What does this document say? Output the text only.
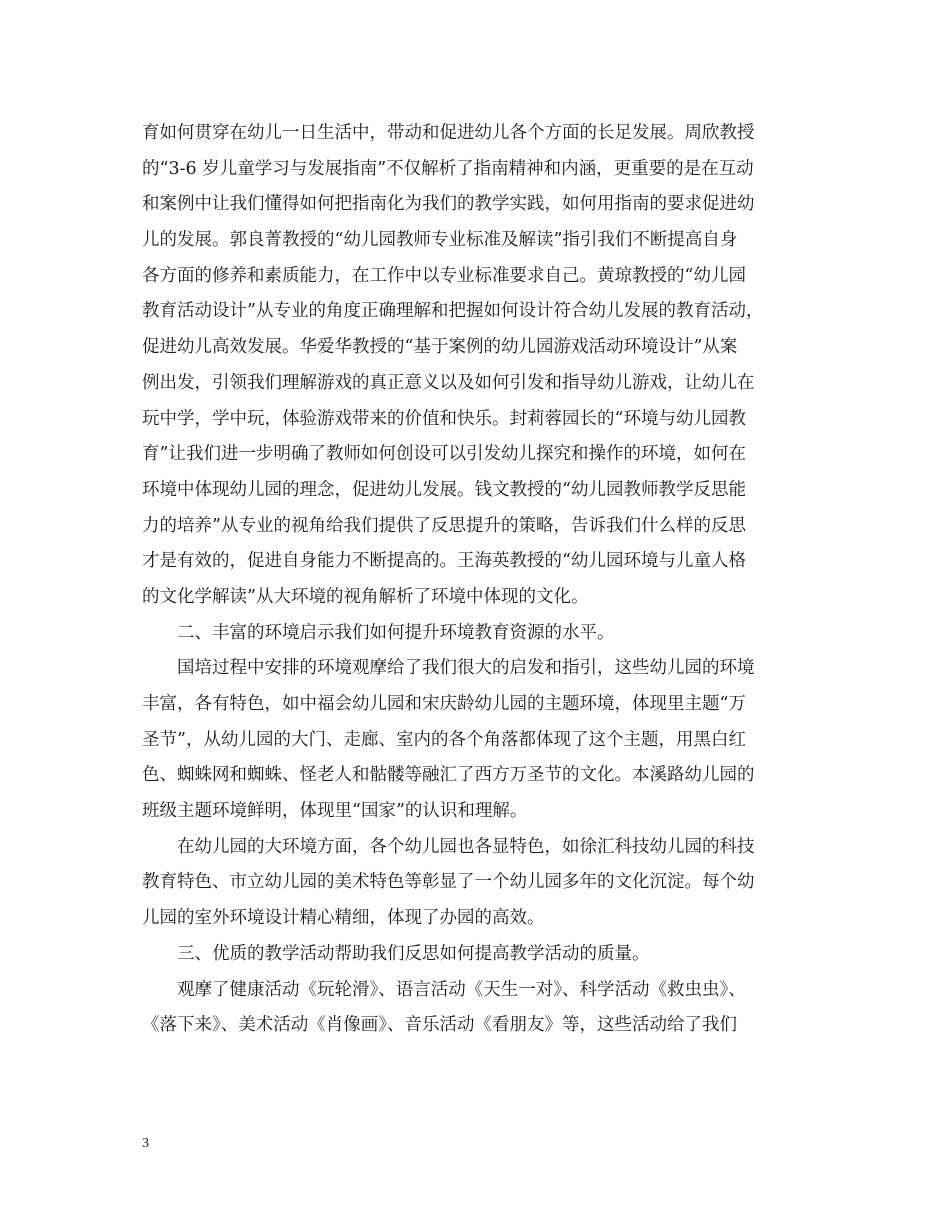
育如何贯穿在幼儿一日生活中，带动和促进幼儿各个方面的长足发展。周欣教授
的“3-6 岁儿童学习与发展指南”不仅解析了指南精神和内涵，更重要的是在互动
和案例中让我们懂得如何把指南化为我们的教学实践，如何用指南的要求促进幼
儿的发展。郭良菁教授的“幼儿园教师专业标准及解读”指引我们不断提高自身
各方面的修养和素质能力，在工作中以专业标准要求自己。黄琼教授的“幼儿园
教育活动设计”从专业的角度正确理解和把握如何设计符合幼儿发展的教育活动，
促进幼儿高效发展。华爱华教授的“基于案例的幼儿园游戏活动环境设计”从案
例出发，引领我们理解游戏的真正意义以及如何引发和指导幼儿游戏，让幼儿在
玩中学，学中玩，体验游戏带来的价值和快乐。封莉蓉园长的“环境与幼儿园教
育”让我们进一步明确了教师如何创设可以引发幼儿探究和操作的环境，如何在
环境中体现幼儿园的理念，促进幼儿发展。钱文教授的“幼儿园教师教学反思能
力的培养”从专业的视角给我们提供了反思提升的策略，告诉我们什么样的反思
才是有效的，促进自身能力不断提高的。王海英教授的“幼儿园环境与儿童人格
的文化学解读”从大环境的视角解析了环境中体现的文化。
二、丰富的环境启示我们如何提升环境教育资源的水平。
国培过程中安排的环境观摩给了我们很大的启发和指引，这些幼儿园的环境
丰富，各有特色，如中福会幼儿园和宋庆龄幼儿园的主题环境，体现里主题“万
圣节”，从幼儿园的大门、走廊、室内的各个角落都体现了这个主题，用黑白红
色、蜘蛛网和蜘蛛、怪老人和骷髅等融汇了西方万圣节的文化。本溪路幼儿园的
班级主题环境鲜明，体现里“国家”的认识和理解。
在幼儿园的大环境方面，各个幼儿园也各显特色，如徐汇科技幼儿园的科技
教育特色、市立幼儿园的美术特色等彰显了一个幼儿园多年的文化沉淀。每个幼
儿园的室外环境设计精心精细，体现了办园的高效。
三、优质的教学活动帮助我们反思如何提高教学活动的质量。
观摩了健康活动《玩轮滑》、语言活动《天生一对》、科学活动《救虫虫》、
《落下来》、美术活动《肖像画》、音乐活动《看朋友》等，这些活动给了我们
3
